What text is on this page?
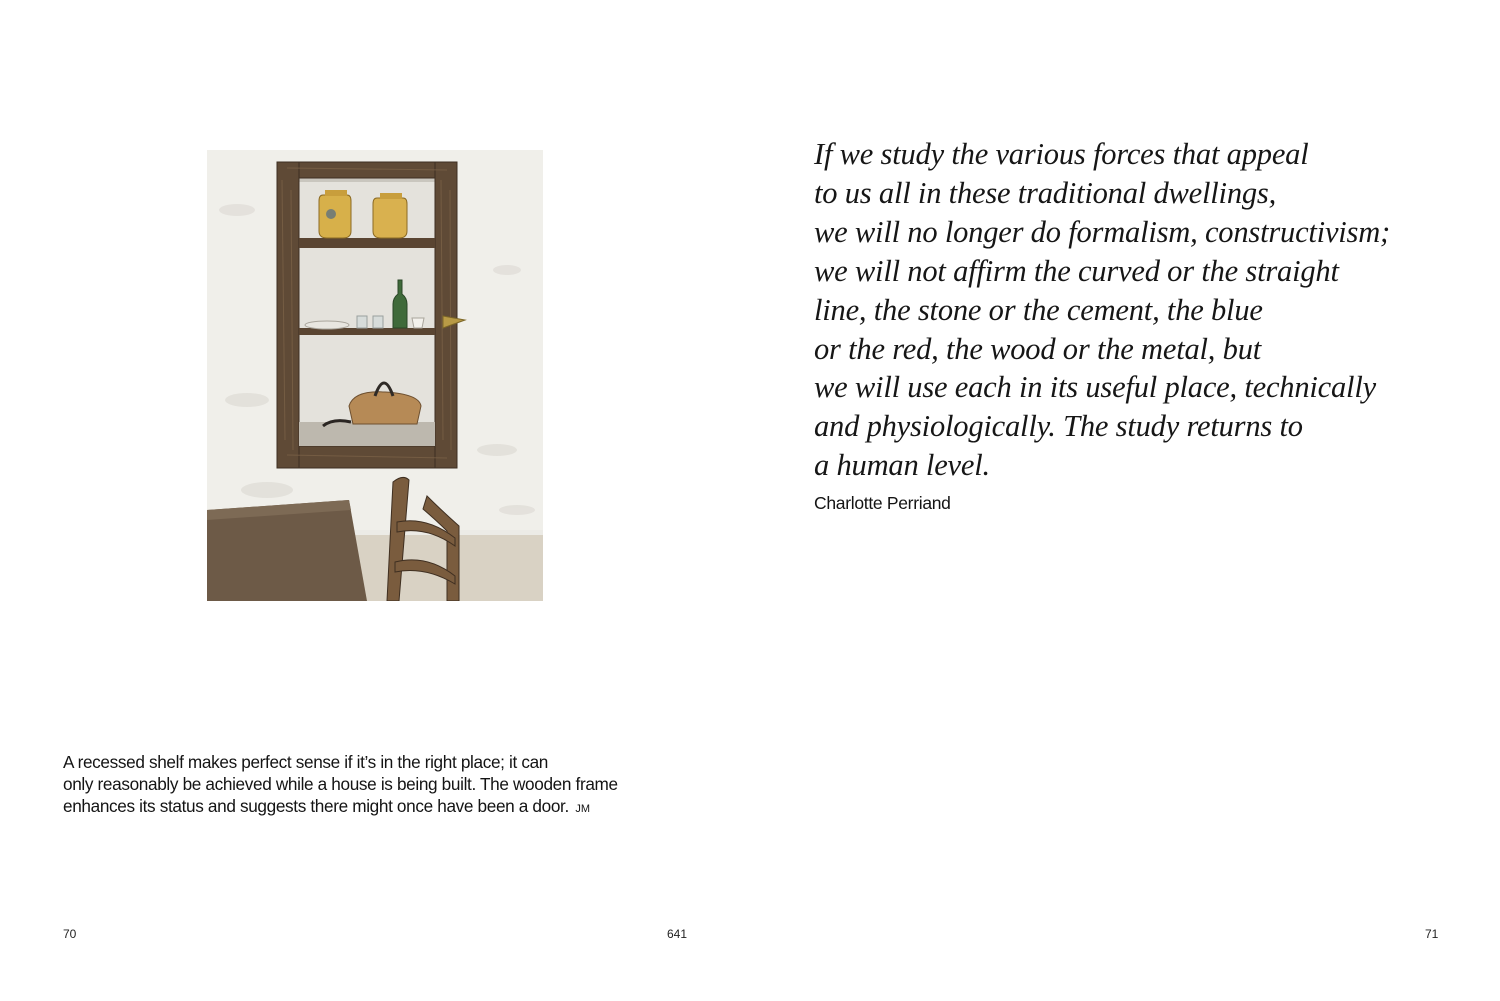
A recessed shelf makes perfect sense if it’s in the right place; it can
only reasonably be achieved while a house is being built. The wooden frame
enhances its status and suggests there might once have been a door. JM
70	641	71
If we study the various forces that appeal
to us all in these traditional dwellings,
we will no longer do formalism, constructivism;
we will not affirm the curved or the straight
line, the stone or the cement, the blue
or the red, the wood or the metal, but
we will use each in its useful place, technically
and physiologically. The study returns to
a human level.
Charlotte Perriand
